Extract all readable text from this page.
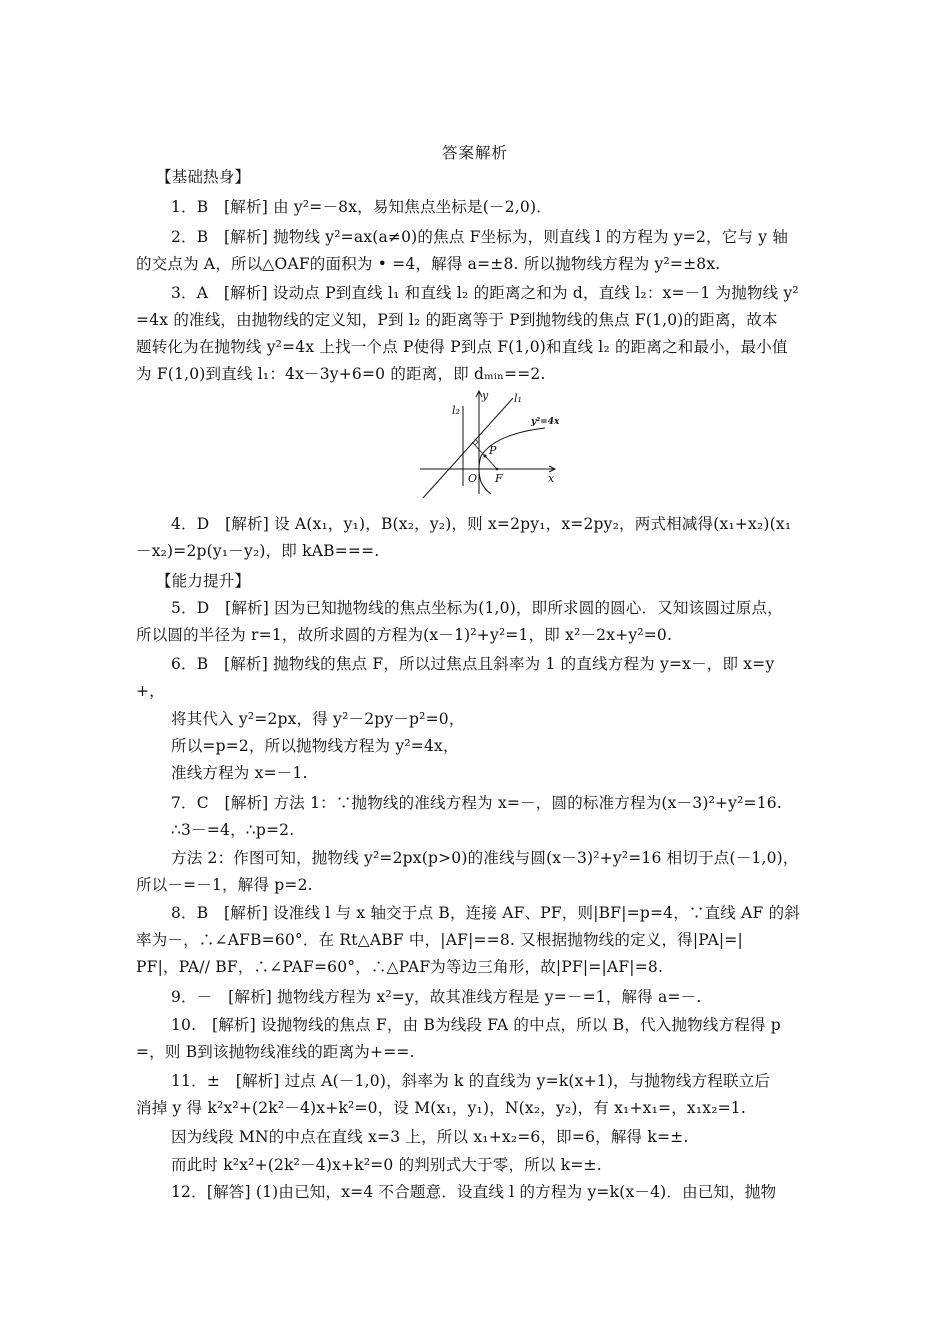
答案解析
【基础热身】
1．B　[解析] 由 y²=－8x，易知焦点坐标是(－2,0)．
2．B　[解析] 抛物线 y²=ax(a≠0)的焦点 F坐标为，则直线 l 的方程为 y=2，它与 y 轴
的交点为 A，所以△OAF的面积为 • =4，解得 a=±8. 所以抛物线方程为 y²=±8x.
3．A　[解析] 设动点 P到直线 l₁ 和直线 l₂ 的距离之和为 d，直线 l₂：x=－1 为抛物线 y²
=4x 的准线，由抛物线的定义知，P到 l₂ 的距离等于 P到抛物线的焦点 F(1,0)的距离，故本
题转化为在抛物线 y²=4x 上找一个点 P使得 P到点 F(1,0)和直线 l₂ 的距离之和最小，最小值
为 F(1,0)到直线 l₁：4x－3y+6=0 的距离，即 dₘᵢₙ==2.
l₂
y l₁
y²=4x
P
O F	x
4．D　[解析] 设 A(x₁，y₁)，B(x₂，y₂)，则 x=2py₁，x=2py₂，两式相减得(x₁+x₂)(x₁
－x₂)=2p(y₁－y₂)，即 kAB===.
【能力提升】
5．D　[解析] 因为已知抛物线的焦点坐标为(1,0)，即所求圆的圆心．又知该圆过原点，
所以圆的半径为 r=1，故所求圆的方程为(x－1)²+y²=1，即 x²－2x+y²=0.
6．B　[解析] 抛物线的焦点 F，所以过焦点且斜率为 1 的直线方程为 y=x－，即 x=y
+，
将其代入 y²=2px，得 y²－2py－p²=0，
所以=p=2，所以抛物线方程为 y²=4x，
准线方程为 x=－1.
7．C　[解析] 方法 1：∵抛物线的准线方程为 x=－，圆的标准方程为(x－3)²+y²=16.
∴3－=4，∴p=2.
方法 2：作图可知，抛物线 y²=2px(p>0)的准线与圆(x－3)²+y²=16 相切于点(－1,0)，
所以－=－1，解得 p=2.
8．B　[解析] 设准线 l 与 x 轴交于点 B，连接 AF、PF，则|BF|=p=4，∵直线 AF 的斜
率为－，∴∠AFB=60°．在 Rt△ABF 中，|AF|==8. 又根据抛物线的定义，得|PA|=|
PF|，PA// BF，∴∠PAF=60°，∴△PAF为等边三角形，故|PF|=|AF|=8.
9．－　[解析] 抛物线方程为 x²=y，故其准线方程是 y=－=1，解得 a=－.
10.　[解析] 设抛物线的焦点 F，由 B为线段 FA 的中点，所以 B，代入抛物线方程得 p
=，则 B到该抛物线准线的距离为+==.
11．±　[解析] 过点 A(－1,0)，斜率为 k 的直线为 y=k(x+1)，与抛物线方程联立后
消掉 y 得 k²x²+(2k²－4)x+k²=0，设 M(x₁，y₁)，N(x₂，y₂)，有 x₁+x₁=，x₁x₂=1.
因为线段 MN的中点在直线 x=3 上，所以 x₁+x₂=6，即=6，解得 k=±.
而此时 k²x²+(2k²－4)x+k²=0 的判别式大于零，所以 k=±.
12．[解答] (1)由已知，x=4 不合题意．设直线 l 的方程为 y=k(x－4)．由已知，抛物
